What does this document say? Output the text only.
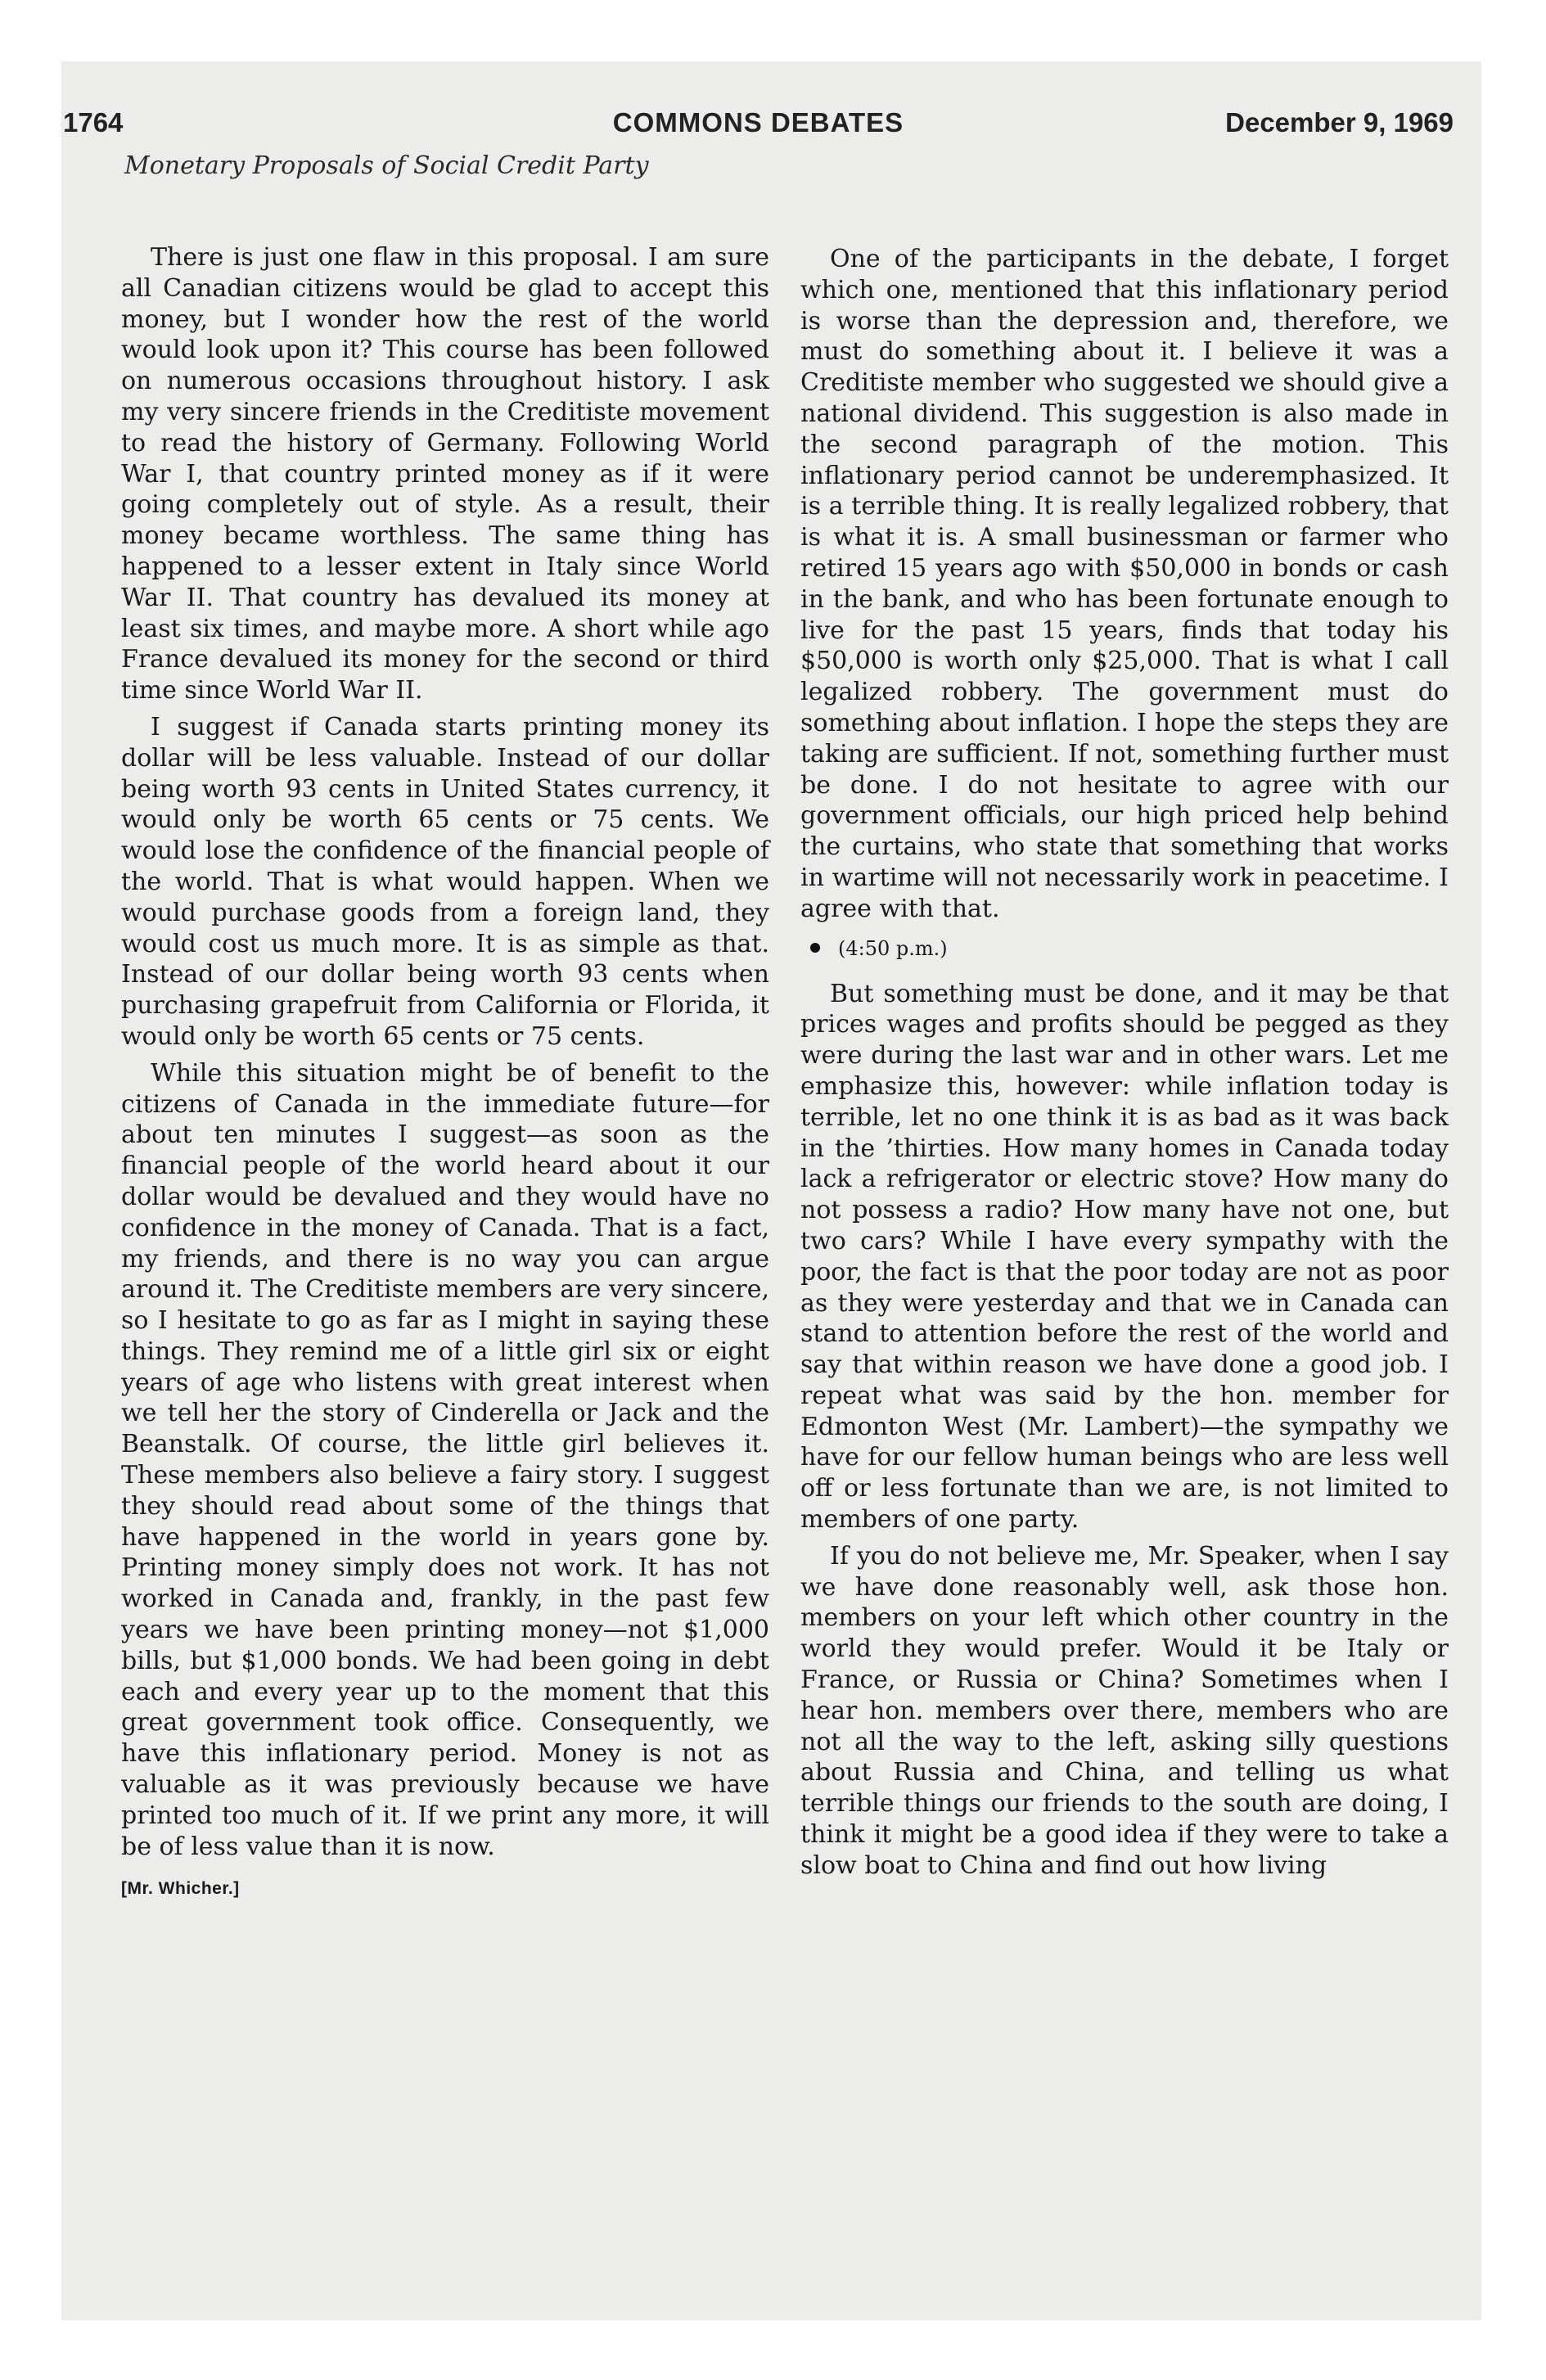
1764	COMMONS DEBATES	December 9, 1969
Monetary Proposals of Social Credit Party

There is just one flaw in this proposal. I am sure all Canadian citizens would be glad to accept this money, but I wonder how the rest of the world would look upon it? This course has been followed on numerous occasions throughout history. I ask my very sincere friends in the Creditiste movement to read the history of Germany. Following World War I, that country printed money as if it were going completely out of style. As a result, their money became worthless. The same thing has happened to a lesser extent in Italy since World War II. That country has devalued its money at least six times, and maybe more. A short while ago France devalued its money for the second or third time since World War II.

I suggest if Canada starts printing money its dollar will be less valuable. Instead of our dollar being worth 93 cents in United States currency, it would only be worth 65 cents or 75 cents. We would lose the confidence of the financial people of the world. That is what would happen. When we would purchase goods from a foreign land, they would cost us much more. It is as simple as that. Instead of our dollar being worth 93 cents when purchasing grapefruit from California or Florida, it would only be worth 65 cents or 75 cents.

While this situation might be of benefit to the citizens of Canada in the immediate future—for about ten minutes I suggest—as soon as the financial people of the world heard about it our dollar would be devalued and they would have no confidence in the money of Canada. That is a fact, my friends, and there is no way you can argue around it. The Creditiste members are very sincere, so I hesitate to go as far as I might in saying these things. They remind me of a little girl six or eight years of age who listens with great interest when we tell her the story of Cinderella or Jack and the Beanstalk. Of course, the little girl believes it. These members also believe a fairy story. I suggest they should read about some of the things that have happened in the world in years gone by. Printing money simply does not work. It has not worked in Canada and, frankly, in the past few years we have been printing money—not $1,000 bills, but $1,000 bonds. We had been going in debt each and every year up to the moment that this great government took office. Consequently, we have this inflationary period. Money is not as valuable as it was previously because we have printed too much of it. If we print any more, it will be of less value than it is now.

[Mr. Whicher.]

One of the participants in the debate, I forget which one, mentioned that this inflationary period is worse than the depression and, therefore, we must do something about it. I believe it was a Creditiste member who suggested we should give a national dividend. This suggestion is also made in the second paragraph of the motion. This inflationary period cannot be underemphasized. It is a terrible thing. It is really legalized robbery, that is what it is. A small businessman or farmer who retired 15 years ago with $50,000 in bonds or cash in the bank, and who has been fortunate enough to live for the past 15 years, finds that today his $50,000 is worth only $25,000. That is what I call legalized robbery. The government must do something about inflation. I hope the steps they are taking are sufficient. If not, something further must be done. I do not hesitate to agree with our government officials, our high priced help behind the curtains, who state that something that works in wartime will not necessarily work in peacetime. I agree with that.

(4:50 p.m.)

But something must be done, and it may be that prices wages and profits should be pegged as they were during the last war and in other wars. Let me emphasize this, however: while inflation today is terrible, let no one think it is as bad as it was back in the ’thirties. How many homes in Canada today lack a refrigerator or electric stove? How many do not possess a radio? How many have not one, but two cars? While I have every sympathy with the poor, the fact is that the poor today are not as poor as they were yesterday and that we in Canada can stand to attention before the rest of the world and say that within reason we have done a good job. I repeat what was said by the hon. member for Edmonton West (Mr. Lambert)—the sympathy we have for our fellow human beings who are less well off or less fortunate than we are, is not limited to members of one party.

If you do not believe me, Mr. Speaker, when I say we have done reasonably well, ask those hon. members on your left which other country in the world they would prefer. Would it be Italy or France, or Russia or China? Sometimes when I hear hon. members over there, members who are not all the way to the left, asking silly questions about Russia and China, and telling us what terrible things our friends to the south are doing, I think it might be a good idea if they were to take a slow boat to China and find out how living
